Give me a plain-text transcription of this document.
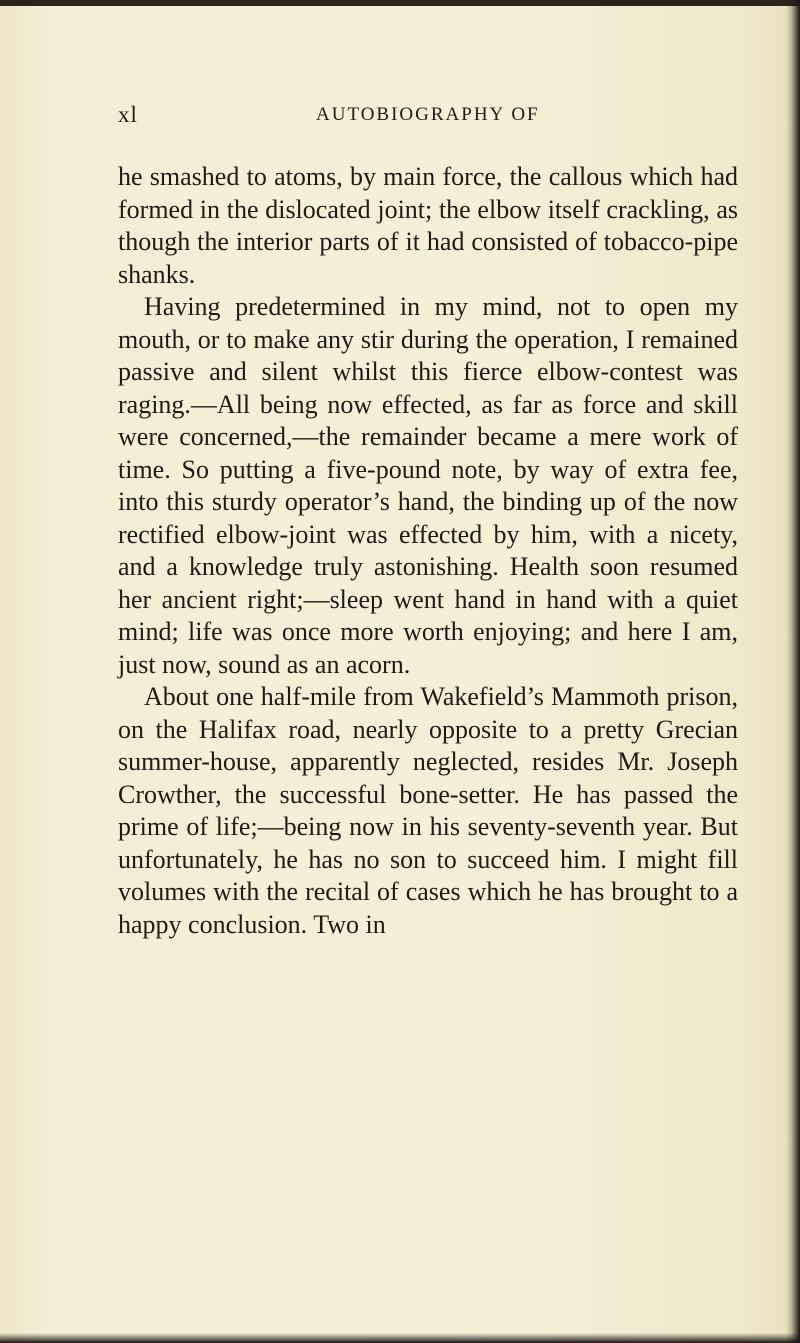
xl	AUTOBIOGRAPHY OF

he smashed to atoms, by main force, the callous which had formed in the dislocated joint; the elbow itself crackling, as though the interior parts of it had consisted of tobacco-pipe shanks.

Having predetermined in my mind, not to open my mouth, or to make any stir during the operation, I remained passive and silent whilst this fierce elbow-contest was raging.—All being now effected, as far as force and skill were concerned,—the remainder became a mere work of time. So putting a five-pound note, by way of extra fee, into this sturdy operator’s hand, the binding up of the now rectified elbow-joint was effected by him, with a nicety, and a knowledge truly astonishing. Health soon resumed her ancient right;—sleep went hand in hand with a quiet mind; life was once more worth enjoying; and here I am, just now, sound as an acorn.

About one half-mile from Wakefield’s Mammoth prison, on the Halifax road, nearly opposite to a pretty Grecian summer-house, apparently neglected, resides Mr. Joseph Crowther, the successful bone-setter. He has passed the prime of life;—being now in his seventy-seventh year. But unfortunately, he has no son to succeed him. I might fill volumes with the recital of cases which he has brought to a happy conclusion. Two in
